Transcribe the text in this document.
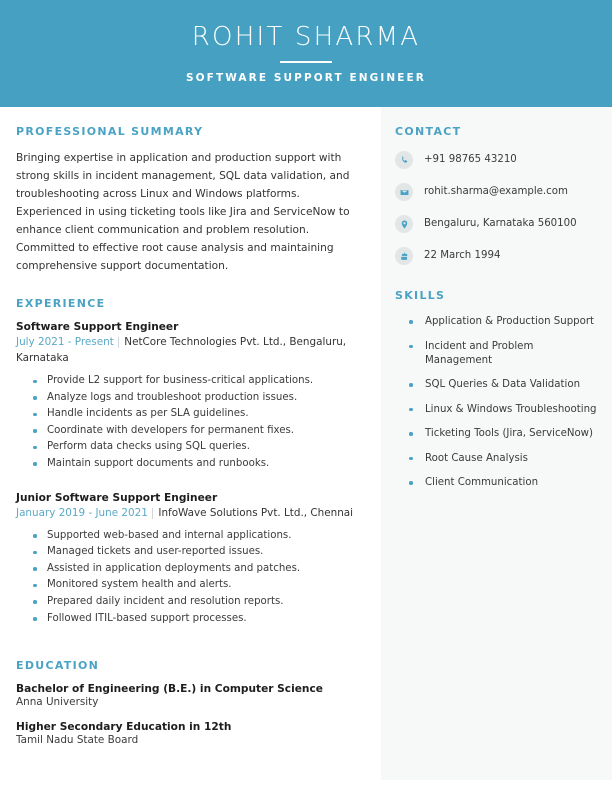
ROHIT SHARMA
SOFTWARE SUPPORT ENGINEER
PROFESSIONAL SUMMARY

Bringing expertise in application and production support with strong skills in incident management, SQL data validation, and troubleshooting across Linux and Windows platforms. Experienced in using ticketing tools like Jira and ServiceNow to enhance client communication and problem resolution. Committed to effective root cause analysis and maintaining comprehensive support documentation.

EXPERIENCE
Software Support Engineer
July 2021 - Present | NetCore Technologies Pvt. Ltd., Bengaluru, Karnataka
Provide L2 support for business-critical applications.
Analyze logs and troubleshoot production issues.
Handle incidents as per SLA guidelines.
Coordinate with developers for permanent fixes.
Perform data checks using SQL queries.
Maintain support documents and runbooks.
Junior Software Support Engineer
January 2019 - June 2021 | InfoWave Solutions Pvt. Ltd., Chennai
Supported web-based and internal applications.
Managed tickets and user-reported issues.
Assisted in application deployments and patches.
Monitored system health and alerts.
Prepared daily incident and resolution reports.
Followed ITIL-based support processes.
EDUCATION
Bachelor of Engineering (B.E.) in Computer Science
Anna University
Higher Secondary Education in 12th
Tamil Nadu State Board
CONTACT
+91 98765 43210
rohit.sharma@example.com
Bengaluru, Karnataka 560100
22 March 1994
SKILLS
Application & Production Support
Incident and Problem Management
SQL Queries & Data Validation
Linux & Windows Troubleshooting
Ticketing Tools (Jira, ServiceNow)
Root Cause Analysis
Client Communication
